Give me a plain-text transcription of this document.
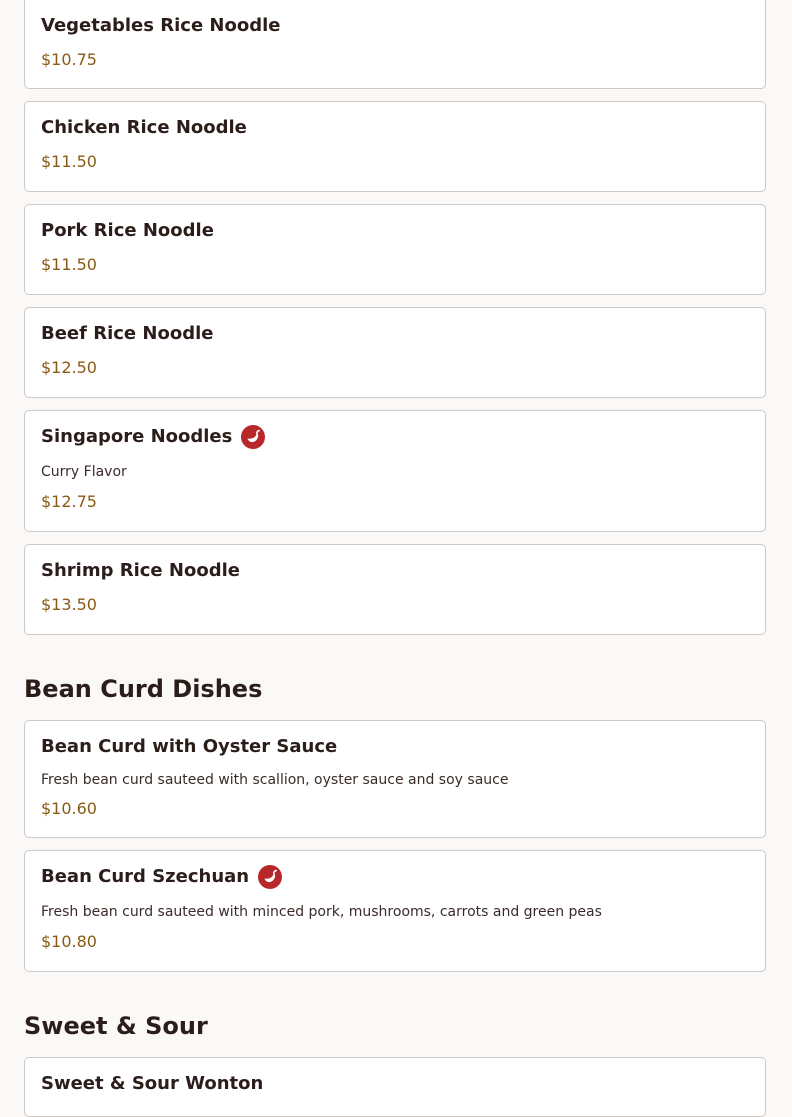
Vegetables Rice Noodle
$10.75
Chicken Rice Noodle
$11.50
Pork Rice Noodle
$11.50
Beef Rice Noodle
$12.50
Singapore Noodles
Curry Flavor
$12.75
Shrimp Rice Noodle
$13.50
Bean Curd Dishes
Bean Curd with Oyster Sauce
Fresh bean curd sauteed with scallion, oyster sauce and soy sauce
$10.60
Bean Curd Szechuan
Fresh bean curd sauteed with minced pork, mushrooms, carrots and green peas
$10.80
Sweet & Sour
Sweet & Sour Wonton
